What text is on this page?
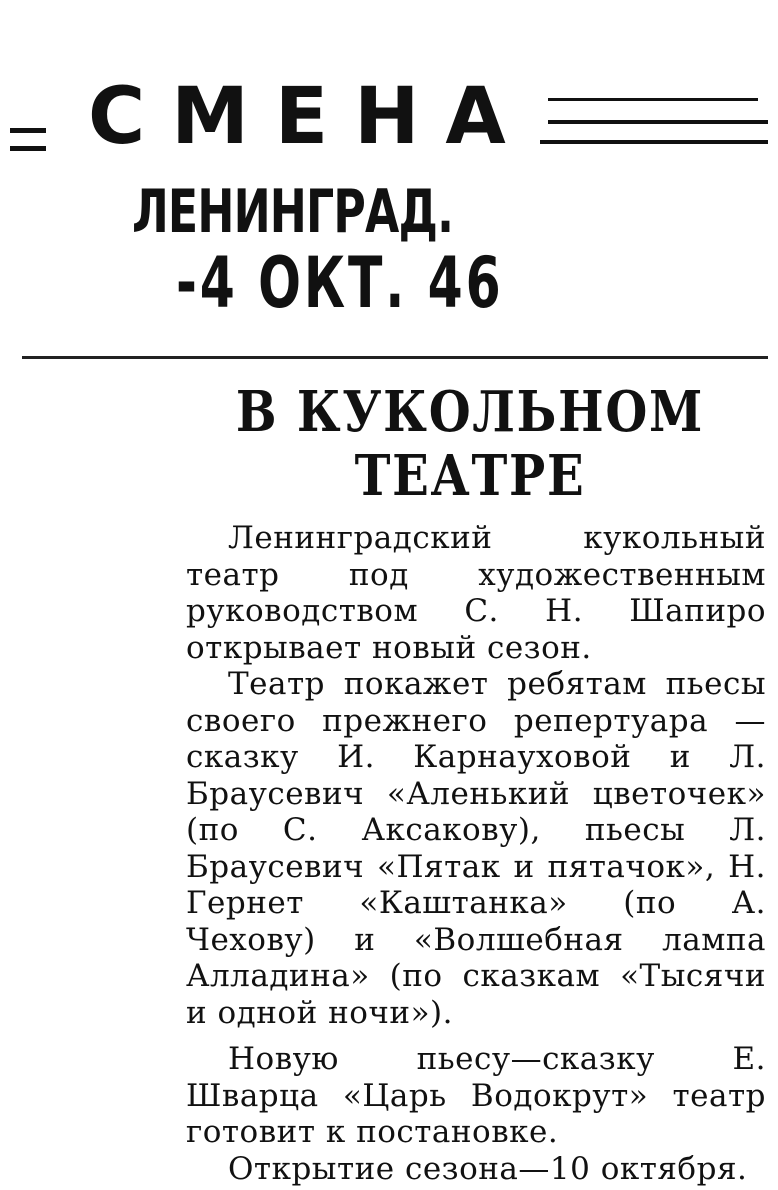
СМЕНА
ЛЕНИНГРАД.
-4 ОКТ. 46
В КУКОЛЬНОМ
ТЕАТРЕ

Ленинградский кукольный театр под художественным руководством С. Н. Шапиро открывает новый сезон.

Театр покажет ребятам пьесы своего прежнего репертуара — сказку И. Карнауховой и Л. Браусевич «Аленький цветочек» (по С. Аксакову), пьесы Л. Браусевич «Пятак и пятачок», Н. Гернет «Каштанка» (по А. Чехову) и «Волшебная лампа Алладина» (по сказкам «Тысячи и одной ночи»).

Новую пьесу—сказку Е. Шварца «Царь Водокрут» театр готовит к постановке.

Открытие сезона—10 октября.
